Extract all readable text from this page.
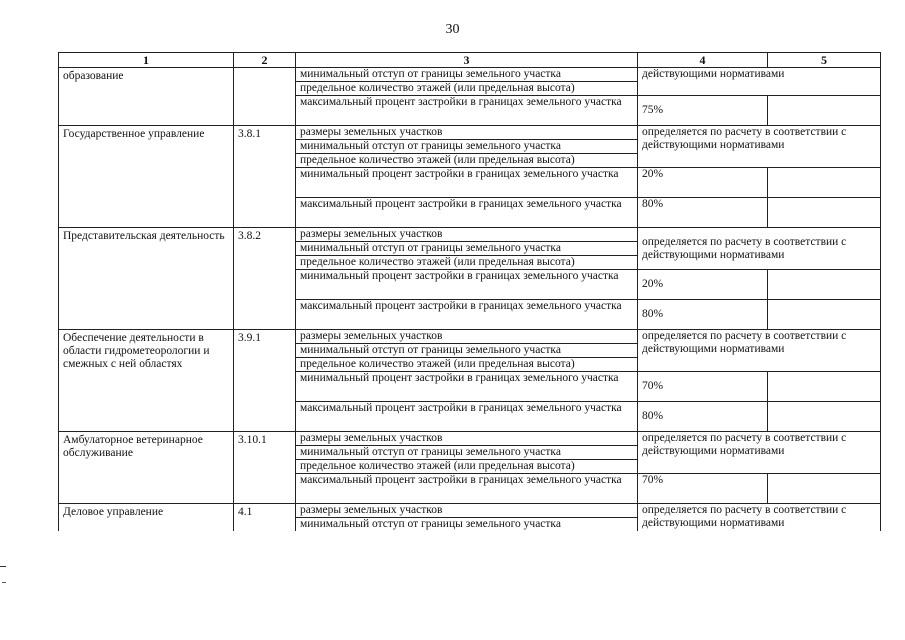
30
1	2	3	4	5
образование		минимальный отступ от границы земельного участка	действующими нормативами	
		предельное количество этажей (или предельная высота)		
		максимальный процент застройки в границах земельного участка	75%	
Государственное управление	3.8.1	размеры земельных участков	определяется по расчету в соответствии с действующими нормативами	
		минимальный отступ от границы земельного участка		
		предельное количество этажей (или предельная высота)		
		минимальный процент застройки в границах земельного участка	20%	
		максимальный процент застройки в границах земельного участка	80%	
Представительская деятельность	3.8.2	размеры земельных участков	определяется по расчету в соответствии с действующими нормативами	
		минимальный отступ от границы земельного участка		
		предельное количество этажей (или предельная высота)		
		минимальный процент застройки в границах земельного участка	20%	
		максимальный процент застройки в границах земельного участка	80%	
Обеспечение деятельности в области гидрометеорологии и смежных с ней областях	3.9.1	размеры земельных участков	определяется по расчету в соответствии с действующими нормативами	
		минимальный отступ от границы земельного участка		
		предельное количество этажей (или предельная высота)		
		минимальный процент застройки в границах земельного участка	70%	
		максимальный процент застройки в границах земельного участка	80%	
Амбулаторное ветеринарное обслуживание	3.10.1	размеры земельных участков	определяется по расчету в соответствии с действующими нормативами	
		минимальный отступ от границы земельного участка		
		предельное количество этажей (или предельная высота)		
		максимальный процент застройки в границах земельного участка	70%	
Деловое управление	4.1	размеры земельных участков	определяется по расчету в соответствии с действующими нормативами	
		минимальный отступ от границы земельного участка		
